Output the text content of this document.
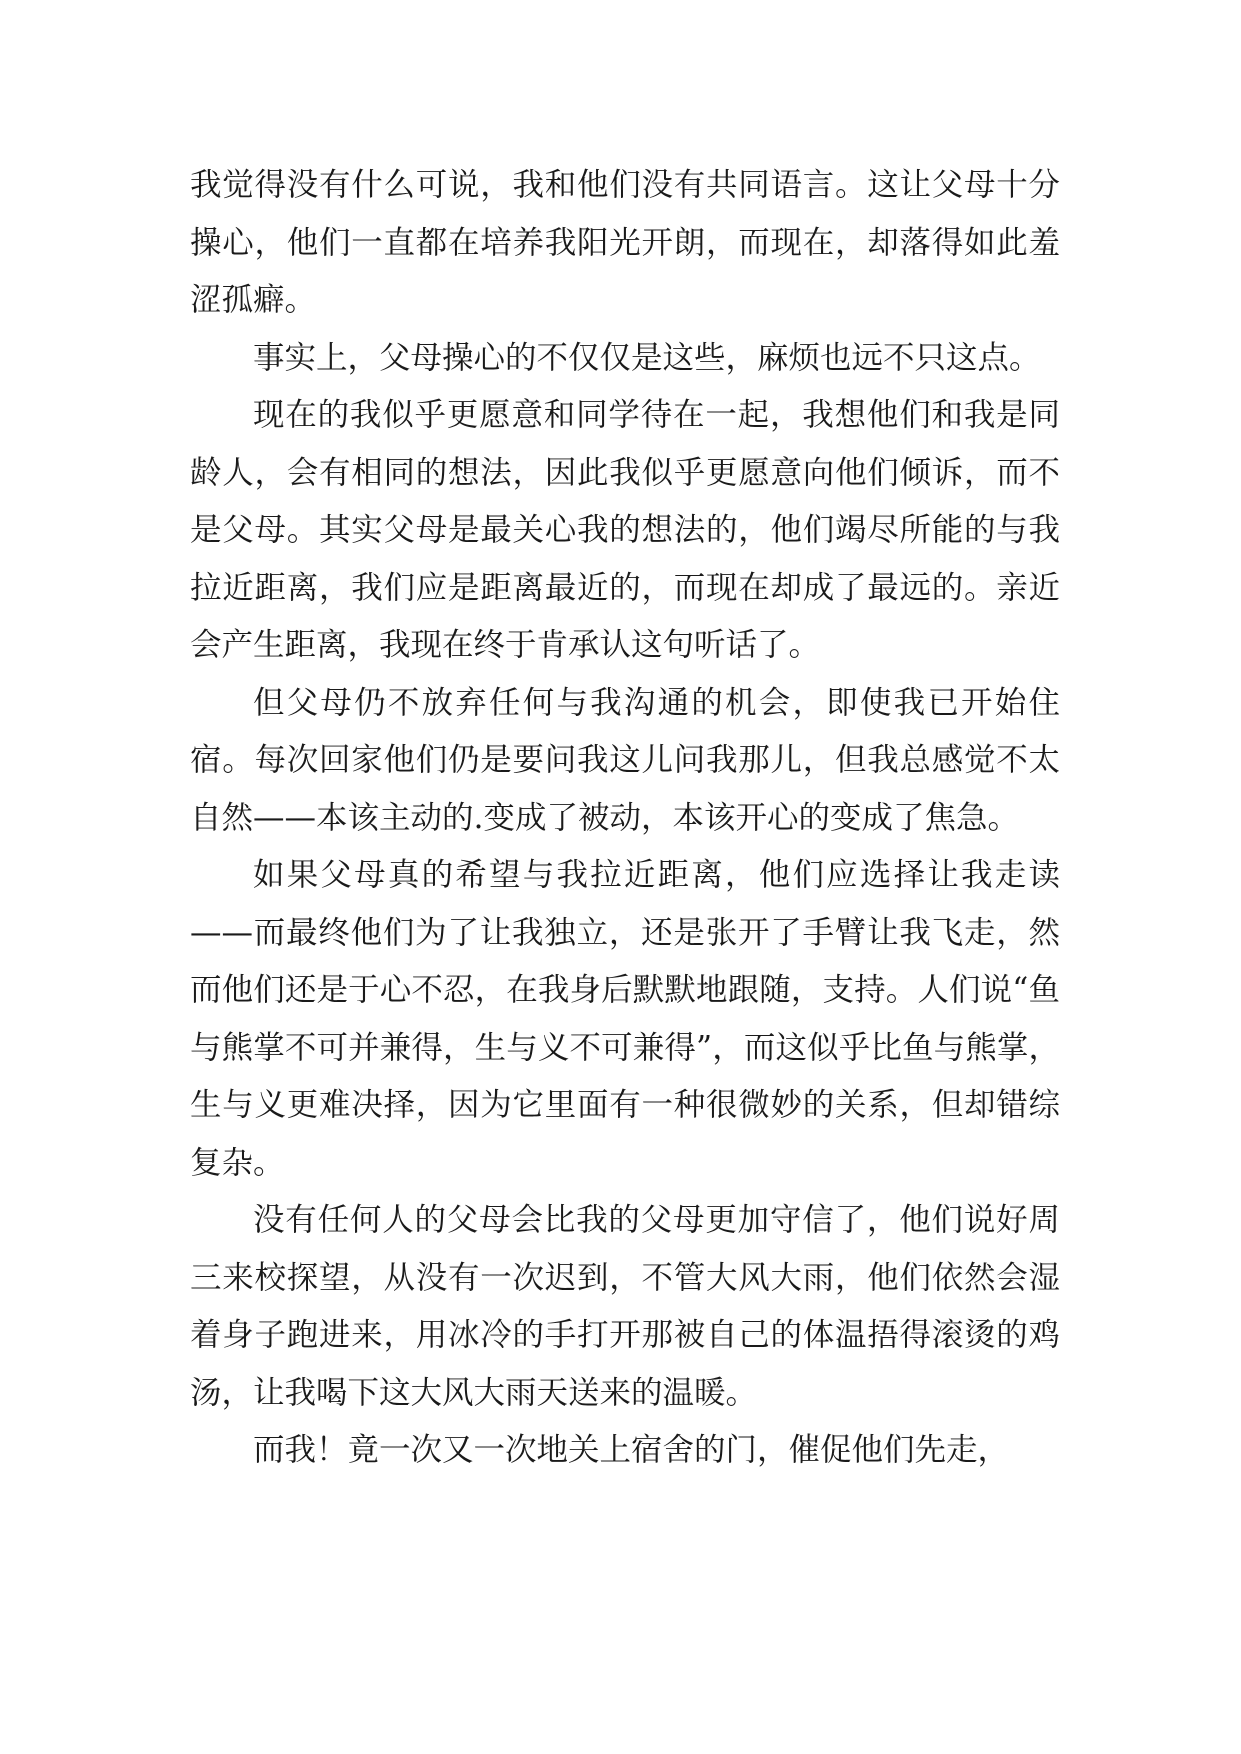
我觉得没有什么可说，我和他们没有共同语言。这让父母十分操心，他们一直都在培养我阳光开朗，而现在，却落得如此羞涩孤癖。

事实上，父母操心的不仅仅是这些，麻烦也远不只这点。

现在的我似乎更愿意和同学待在一起，我想他们和我是同龄人，会有相同的想法，因此我似乎更愿意向他们倾诉，而不是父母。其实父母是最关心我的想法的，他们竭尽所能的与我拉近距离，我们应是距离最近的，而现在却成了最远的。亲近会产生距离，我现在终于肯承认这句听话了。

但父母仍不放弃任何与我沟通的机会，即使我已开始住宿。每次回家他们仍是要问我这儿问我那儿，但我总感觉不太自然——本该主动的.变成了被动，本该开心的变成了焦急。

如果父母真的希望与我拉近距离，他们应选择让我走读——而最终他们为了让我独立，还是张开了手臂让我飞走，然而他们还是于心不忍，在我身后默默地跟随，支持。人们说“鱼与熊掌不可并兼得，生与义不可兼得”，而这似乎比鱼与熊掌，生与义更难决择，因为它里面有一种很微妙的关系，但却错综复杂。

没有任何人的父母会比我的父母更加守信了，他们说好周三来校探望，从没有一次迟到，不管大风大雨，他们依然会湿着身子跑进来，用冰冷的手打开那被自己的体温捂得滚烫的鸡汤，让我喝下这大风大雨天送来的温暖。

而我！竟一次又一次地关上宿舍的门，催促他们先走，
